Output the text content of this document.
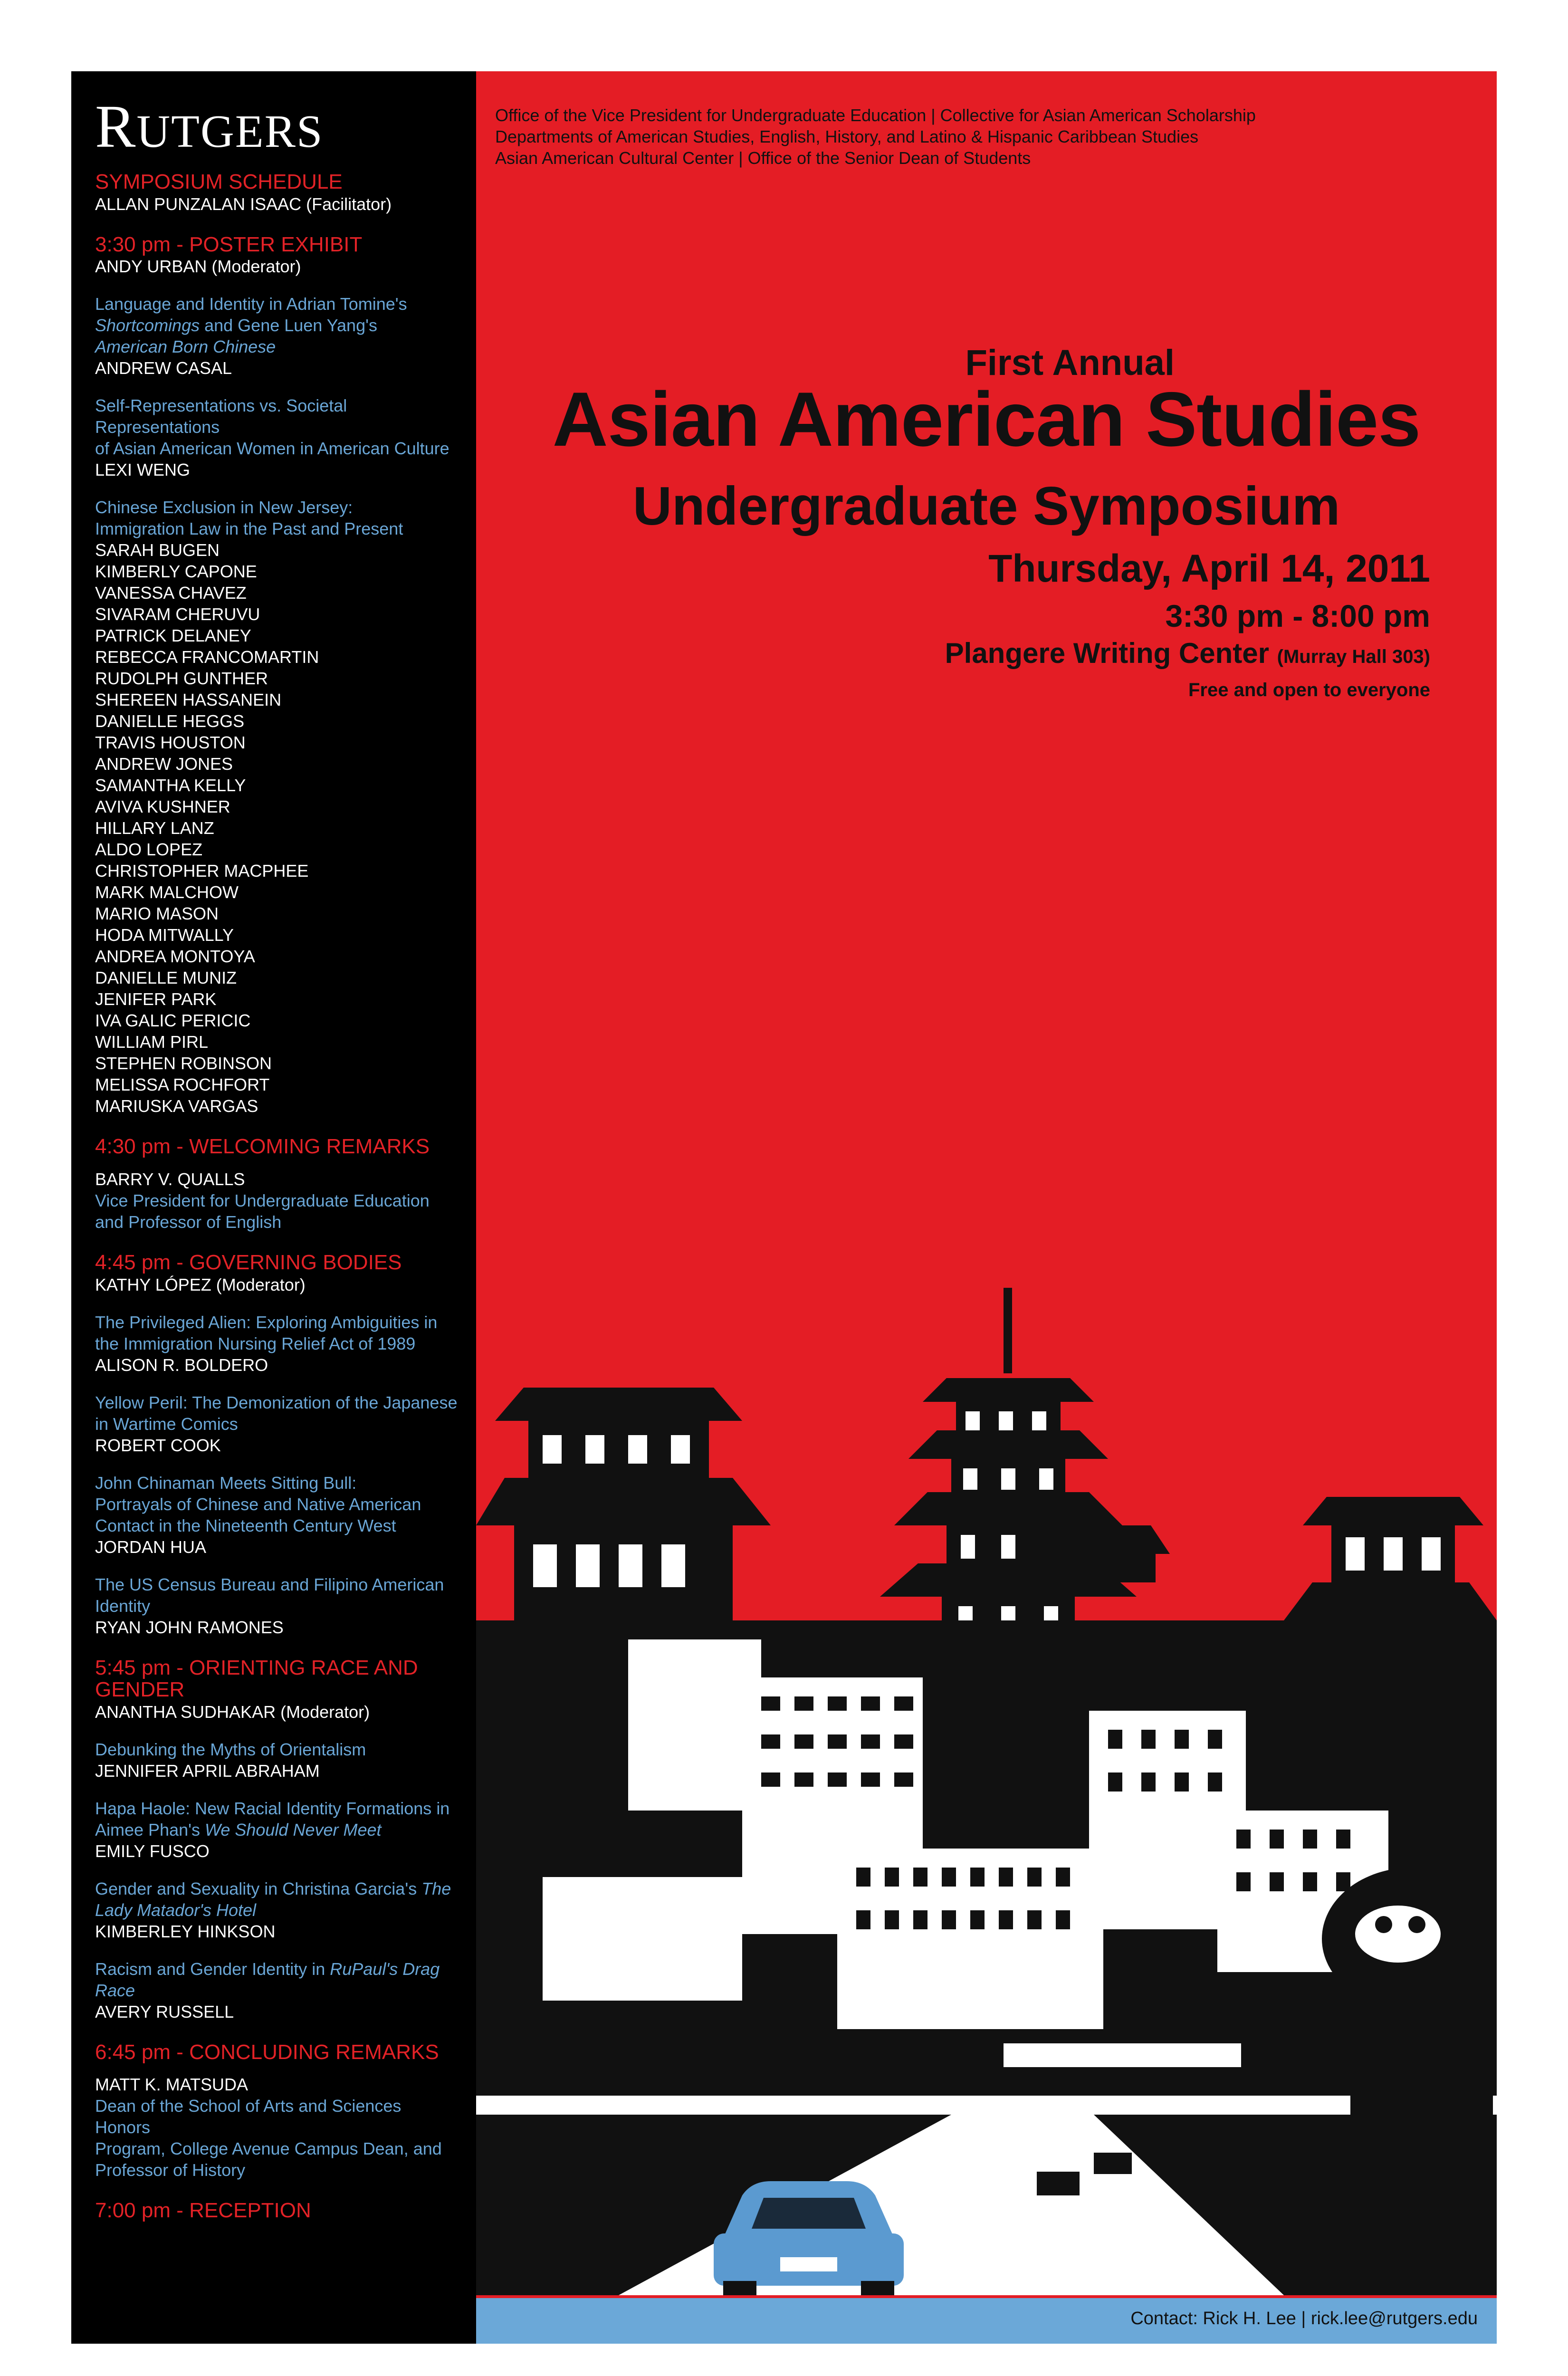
RUTGERS
SYMPOSIUM SCHEDULE
ALLAN PUNZALAN ISAAC (Facilitator)
3:30 pm - POSTER EXHIBIT
ANDY URBAN (Moderator)
Language and Identity in Adrian Tomine's
Shortcomings and Gene Luen Yang's
American Born Chinese
ANDREW CASAL
Self-Representations vs. Societal Representations
of Asian American Women in American Culture
LEXI WENG
Chinese Exclusion in New Jersey:
Immigration Law in the Past and Present
SARAH BUGEN
KIMBERLY CAPONE
VANESSA CHAVEZ
SIVARAM CHERUVU
PATRICK DELANEY
REBECCA FRANCOMARTIN
RUDOLPH GUNTHER
SHEREEN HASSANEIN
DANIELLE HEGGS
TRAVIS HOUSTON
ANDREW JONES
SAMANTHA KELLY
AVIVA KUSHNER
HILLARY LANZ
ALDO LOPEZ
CHRISTOPHER MACPHEE
MARK MALCHOW
MARIO MASON
HODA MITWALLY
ANDREA MONTOYA
DANIELLE MUNIZ
JENIFER PARK
IVA GALIC PERICIC
WILLIAM PIRL
STEPHEN ROBINSON
MELISSA ROCHFORT
MARIUSKA VARGAS
4:30 pm - WELCOMING REMARKS
BARRY V. QUALLS
Vice President for Undergraduate Education
and Professor of English
4:45 pm - GOVERNING BODIES
KATHY LÓPEZ (Moderator)
The Privileged Alien: Exploring Ambiguities in
the Immigration Nursing Relief Act of 1989
ALISON R. BOLDERO
Yellow Peril: The Demonization of the Japanese
in Wartime Comics
ROBERT COOK
John Chinaman Meets Sitting Bull:
Portrayals of Chinese and Native American
Contact in the Nineteenth Century West
JORDAN HUA
The US Census Bureau and Filipino American
Identity
RYAN JOHN RAMONES
5:45 pm - ORIENTING RACE AND
GENDER
ANANTHA SUDHAKAR (Moderator)
Debunking the Myths of Orientalism
JENNIFER APRIL ABRAHAM
Hapa Haole: New Racial Identity Formations in
Aimee Phan's We Should Never Meet
EMILY FUSCO
Gender and Sexuality in Christina Garcia's The
Lady Matador's Hotel
KIMBERLEY HINKSON
Racism and Gender Identity in RuPaul's Drag
Race
AVERY RUSSELL
6:45 pm - CONCLUDING REMARKS
MATT K. MATSUDA
Dean of the School of Arts and Sciences Honors
Program, College Avenue Campus Dean, and
Professor of History
7:00 pm - RECEPTION
Office of the Vice President for Undergraduate Education | Collective for Asian American Scholarship
Departments of American Studies, English, History, and Latino & Hispanic Caribbean Studies
Asian American Cultural Center | Office of the Senior Dean of Students
First Annual
Asian American Studies
Undergraduate Symposium
Thursday, April 14, 2011
3:30 pm - 8:00 pm
Plangere Writing Center (Murray Hall 303)
Free and open to everyone
Contact: Rick H. Lee | rick.lee@rutgers.edu
